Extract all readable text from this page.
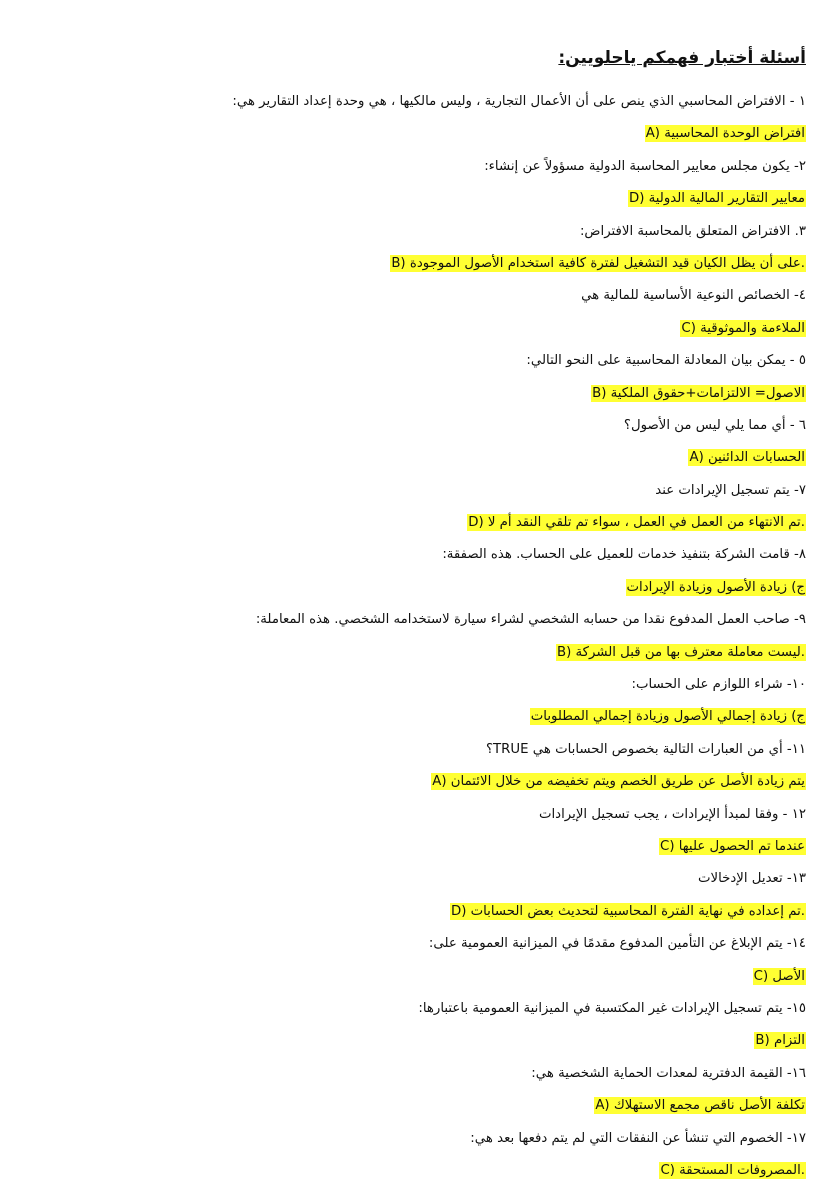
أسئلة أختبار فهمكم ياحلويين:
١ - الافتراض المحاسبي الذي ينص على أن الأعمال التجارية ، وليس مالكيها ، هي وحدة إعداد التقارير هي:
A) افتراض الوحدة المحاسبية
٢- يكون مجلس معايير المحاسبة الدولية مسؤولاً عن إنشاء:
D) معايير التقارير المالية الدولية
٣. الافتراض المتعلق بالمحاسبة الافتراض:
B) على أن يظل الكيان قيد التشغيل لفترة كافية استخدام الأصول الموجودة.
٤- الخصائص النوعية الأساسية للمالية هي
C) الملاءمة والموثوقية
٥ - يمكن بيان المعادلة المحاسبية على النحو التالي:
B) الاصول= الالتزامات+حقوق الملكية
٦ - أي مما يلي ليس من الأصول؟
A) الحسابات الدائنين
٧- يتم تسجيل الإيرادات عند
D) تم الانتهاء من العمل في العمل ، سواء تم تلقي النقد أم لا.
٨- قامت الشركة بتنفيذ خدمات للعميل على الحساب. هذه الصفقة:
ج) زيادة الأصول وزيادة الإيرادات
٩- صاحب العمل المدفوع نقدا من حسابه الشخصي لشراء سيارة لاستخدامه الشخصي. هذه المعاملة:
B) ليست معاملة معترف بها من قبل الشركة.
١٠- شراء اللوازم على الحساب:
ج) زيادة إجمالي الأصول وزيادة إجمالي المطلوبات
١١- أي من العبارات التالية بخصوص الحسابات هي TRUE؟
A) يتم زيادة الأصل عن طريق الخصم ويتم تخفيضه من خلال الائتمان
١٢ - وفقا لمبدأ الإيرادات ، يجب تسجيل الإيرادات
C) عندما تم الحصول عليها
١٣- تعديل الإدخالات
D) تم إعداده في نهاية الفترة المحاسبية لتحديث بعض الحسابات.
١٤- يتم الإبلاغ عن التأمين المدفوع مقدمًا في الميزانية العمومية على:
C) الأصل
١٥- يتم تسجيل الإيرادات غير المكتسبة في الميزانية العمومية باعتبارها:
B) التزام
١٦- القيمة الدفترية لمعدات الحماية الشخصية هي:
A) تكلفة الأصل ناقص مجمع الاستهلاك
١٧- الخصوم التي تنشأ عن النفقات التي لم يتم دفعها بعد هي:
C) المصروفات المستحقة.
